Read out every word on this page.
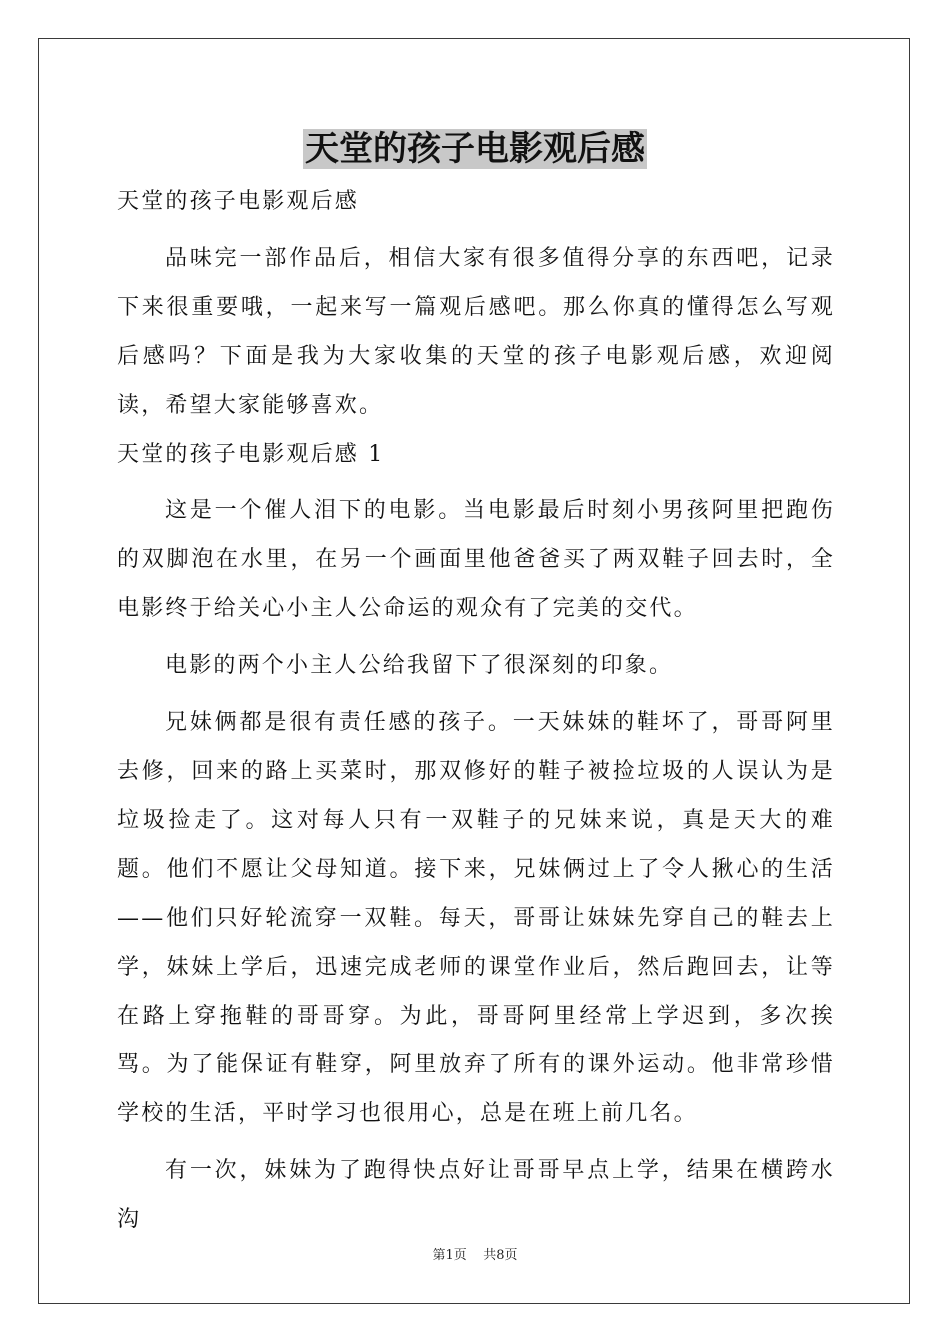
天堂的孩子电影观后感

天堂的孩子电影观后感

品味完一部作品后，相信大家有很多值得分享的东西吧，记录下来很重要哦，一起来写一篇观后感吧。那么你真的懂得怎么写观后感吗？下面是我为大家收集的天堂的孩子电影观后感，欢迎阅读，希望大家能够喜欢。

天堂的孩子电影观后感 1

这是一个催人泪下的电影。当电影最后时刻小男孩阿里把跑伤的双脚泡在水里，在另一个画面里他爸爸买了两双鞋子回去时，全电影终于给关心小主人公命运的观众有了完美的交代。

电影的两个小主人公给我留下了很深刻的印象。

兄妹俩都是很有责任感的孩子。一天妹妹的鞋坏了，哥哥阿里去修，回来的路上买菜时，那双修好的鞋子被捡垃圾的人误认为是垃圾捡走了。这对每人只有一双鞋子的兄妹来说，真是天大的难题。他们不愿让父母知道。接下来，兄妹俩过上了令人揪心的生活——他们只好轮流穿一双鞋。每天，哥哥让妹妹先穿自己的鞋去上学，妹妹上学后，迅速完成老师的课堂作业后，然后跑回去，让等在路上穿拖鞋的哥哥穿。为此，哥哥阿里经常上学迟到，多次挨骂。为了能保证有鞋穿，阿里放弃了所有的课外运动。他非常珍惜学校的生活，平时学习也很用心，总是在班上前几名。

有一次，妹妹为了跑得快点好让哥哥早点上学，结果在横跨水沟

第1页    共8页
